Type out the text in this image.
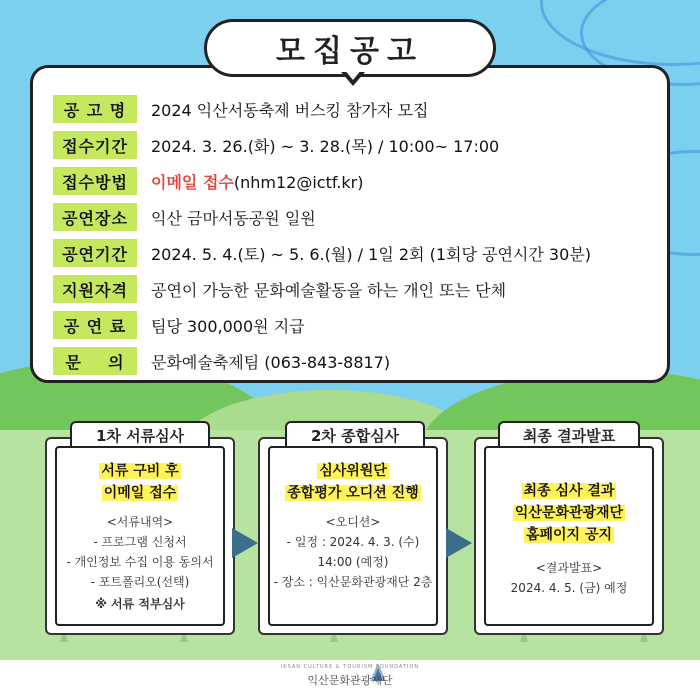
모집공고
공 고 명	2024 익산서동축제 버스킹 참가자 모집
접수기간	2024. 3. 26.(화) ~ 3. 28.(목) / 10:00~ 17:00
접수방법	이메일 접수(nhm12@ictf.kr)
공연장소	익산 금마서동공원 일원
공연기간	2024. 5. 4.(토) ~ 5. 6.(월) / 1일 2회 (1회당 공연시간 30분)
지원자격	공연이 가능한 문화예술활동을 하는 개인 또는 단체
공 연 료	팀당 300,000원 지급
문    의	문화예술축제팀 (063-843-8817)
1차 서류심사
서류 구비 후
이메일 접수
<서류내역>
- 프로그램 신청서
- 개인정보 수집 이용 동의서
- 포트폴리오(선택)
※ 서류 적부심사
2차 종합심사
심사위원단
종합평가 오디션 진행
<오디션>
- 일정 : 2024. 4. 3. (수)
14:00 (예정)
- 장소 : 익산문화관광재단 2층
최종 결과발표
최종 심사 결과
익산문화관광재단
홈페이지 공지
<결과발표>
2024. 4. 5. (금) 예정
IKSAN CULTURE & TOURISM FOUNDATION
익산문화관광재단
